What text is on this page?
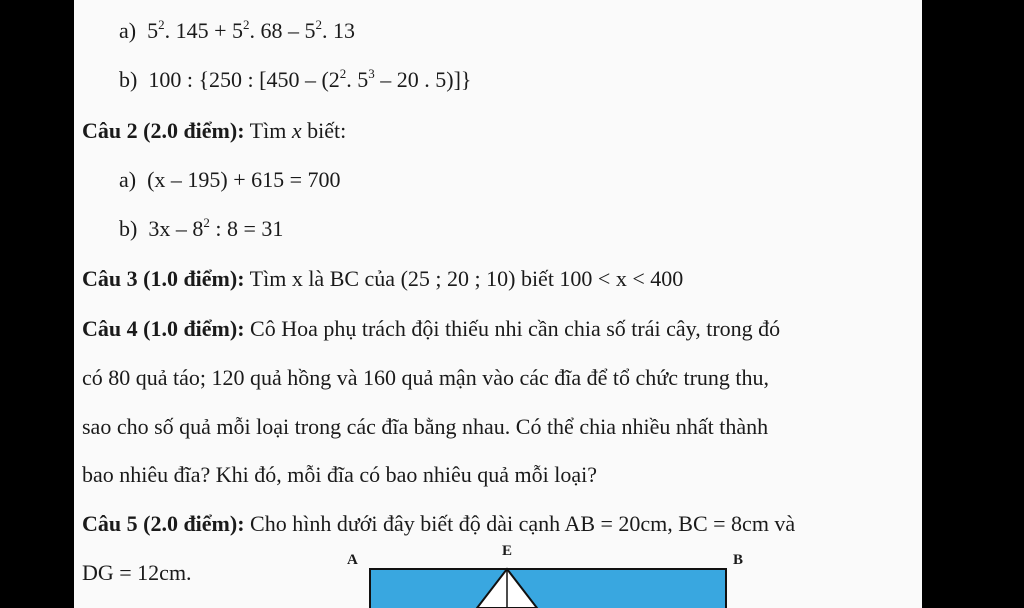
a) $5^2$. $145 + 5^2$. $68 - 5^2$. 13
b) 100 : {250 : [$450 - (2^2$. $5^3 - 20$ . 5)]}
Câu 2 (2.0 điểm): Tìm x biết:
a) (x – 195) + 615 = 700
b) $3x - 8^2$ : 8 = 31
Câu 3 (1.0 điểm): Tìm x là BC của (25 ; 20 ; 10) biết 100 < x < 400
Câu 4 (1.0 điểm): Cô Hoa phụ trách đội thiếu nhi cần chia số trái cây, trong đó
có 80 quả táo; 120 quả hồng và 160 quả mận vào các đĩa để tổ chức trung thu,
sao cho số quả mỗi loại trong các đĩa bằng nhau. Có thể chia nhiều nhất thành
bao nhiêu đĩa? Khi đó, mỗi đĩa có bao nhiêu quả mỗi loại?
Câu 5 (2.0 điểm): Cho hình dưới đây biết độ dài cạnh AB = 20cm, BC = 8cm và
DG = 12cm.	A
E
B
